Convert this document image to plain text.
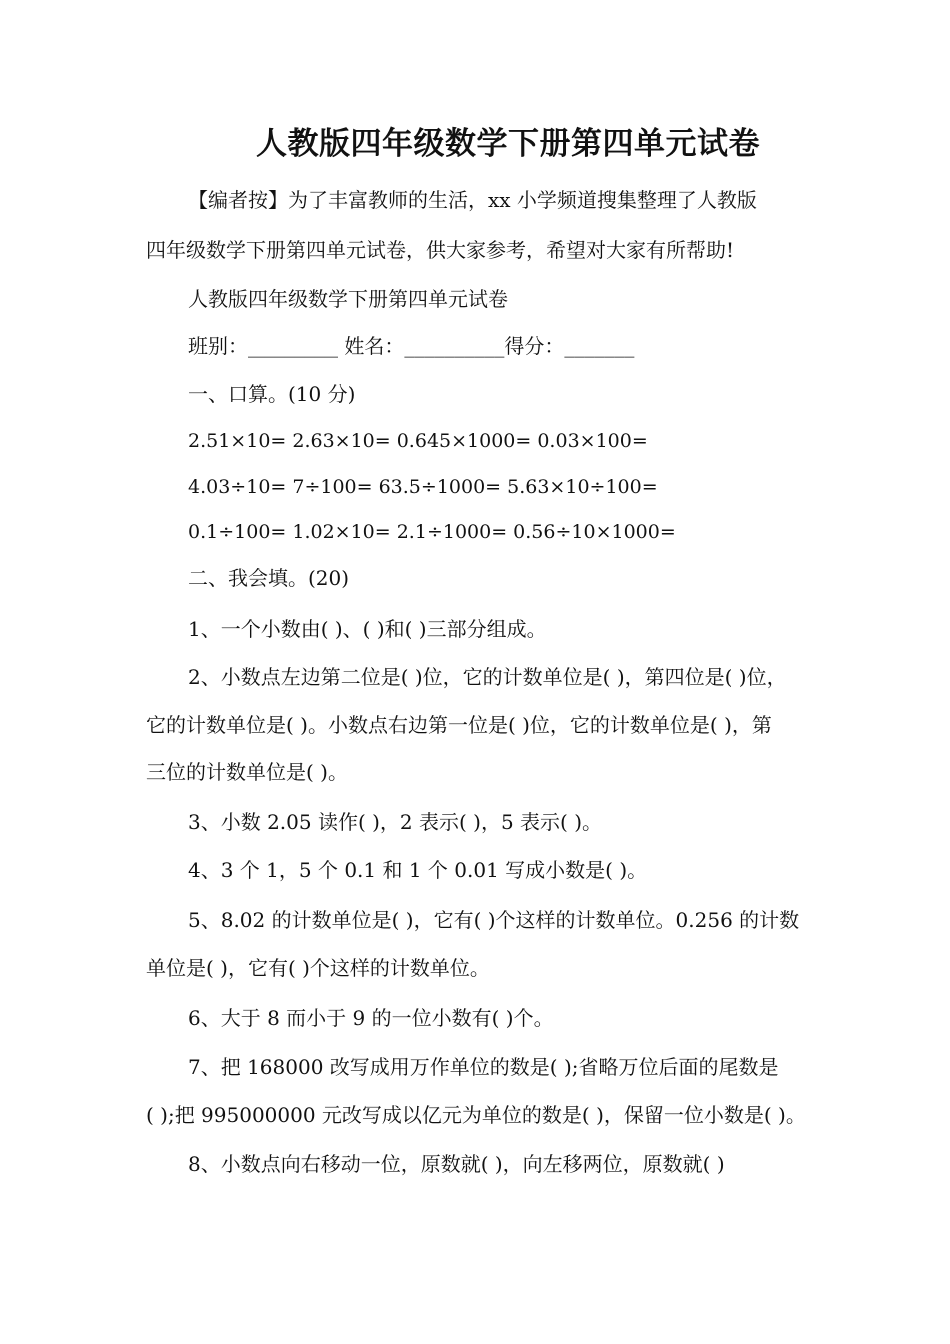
人教版四年级数学下册第四单元试卷
【编者按】为了丰富教师的生活，xx 小学频道搜集整理了人教版
四年级数学下册第四单元试卷，供大家参考，希望对大家有所帮助!
人教版四年级数学下册第四单元试卷
班别：_________ 姓名：__________得分：_______
一、口算。(10 分)
2.51×10= 2.63×10= 0.645×1000= 0.03×100=
4.03÷10= 7÷100= 63.5÷1000= 5.63×10÷100=
0.1÷100= 1.02×10= 2.1÷1000= 0.56÷10×1000=
二、我会填。(20)
1、一个小数由( )、( )和( )三部分组成。
2、小数点左边第二位是( )位，它的计数单位是( )，第四位是( )位，
它的计数单位是( )。小数点右边第一位是( )位，它的计数单位是( )，第
三位的计数单位是( )。
3、小数 2.05 读作( )，2 表示( )，5 表示( )。
4、3 个 1，5 个 0.1 和 1 个 0.01 写成小数是( )。
5、8.02 的计数单位是( )，它有( )个这样的计数单位。0.256 的计数
单位是( )，它有( )个这样的计数单位。
6、大于 8 而小于 9 的一位小数有( )个。
7、把 168000 改写成用万作单位的数是( );省略万位后面的尾数是
( );把 995000000 元改写成以亿元为单位的数是( )，保留一位小数是( )。
8、小数点向右移动一位，原数就( )，向左移两位，原数就( )
